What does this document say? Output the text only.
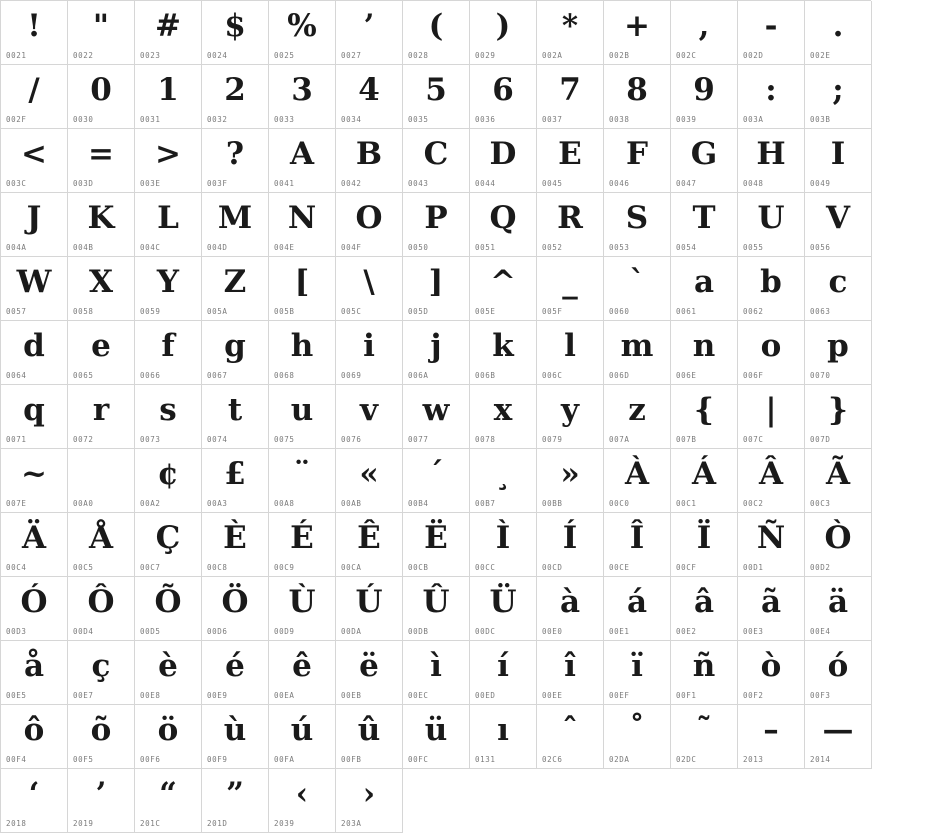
!
0021
"
0022
#
0023
$
0024
%
0025
’
0027
(
0028
)
0029
*
002A
+
002B
,
002C
-
002D
.
002E
/
002F
0
0030
1
0031
2
0032
3
0033
4
0034
5
0035
6
0036
7
0037
8
0038
9
0039
:
003A
;
003B
<
003C
=
003D
>
003E
?
003F
A
0041
B
0042
C
0043
D
0044
E
0045
F
0046
G
0047
H
0048
I
0049
J
004A
K
004B
L
004C
M
004D
N
004E
O
004F
P
0050
Q
0051
R
0052
S
0053
T
0054
U
0055
V
0056
W
0057
X
0058
Y
0059
Z
005A
[
005B
\
005C
]
005D
^
005E
_
005F
`
0060
a
0061
b
0062
c
0063
d
0064
e
0065
f
0066
g
0067
h
0068
i
0069
j
006A
k
006B
l
006C
m
006D
n
006E
o
006F
p
0070
q
0071
r
0072
s
0073
t
0074
u
0075
v
0076
w
0077
x
0078
y
0079
z
007A
{
007B
|
007C
}
007D
~
007E
	00A0
¢
00A2
£
00A3
¨
00A8
«
00AB
´
00B4
¸
00B7
»
00BB
À
00C0
Á
00C1
Â
00C2
Ã
00C3
Ä
00C4
Å
00C5
Ç
00C7
È
00C8
É
00C9
Ê
00CA
Ë
00CB
Ì
00CC
Í
00CD
Î
00CE
Ï
00CF
Ñ
00D1
Ò
00D2
Ó
00D3
Ô
00D4
Õ
00D5
Ö
00D6
Ù
00D9
Ú
00DA
Û
00DB
Ü
00DC
à
00E0
á
00E1
â
00E2
ã
00E3
ä
00E4
å
00E5
ç
00E7
è
00E8
é
00E9
ê
00EA
ë
00EB
ì
00EC
í
00ED
î
00EE
ï
00EF
ñ
00F1
ò
00F2
ó
00F3
ô
00F4
õ
00F5
ö
00F6
ù
00F9
ú
00FA
û
00FB
ü
00FC
ı
0131
ˆ
02C6
˚
02DA
˜
02DC
–
2013
—
2014
‘
2018
’
2019
“
201C
”
201D
‹
2039
›
203A
